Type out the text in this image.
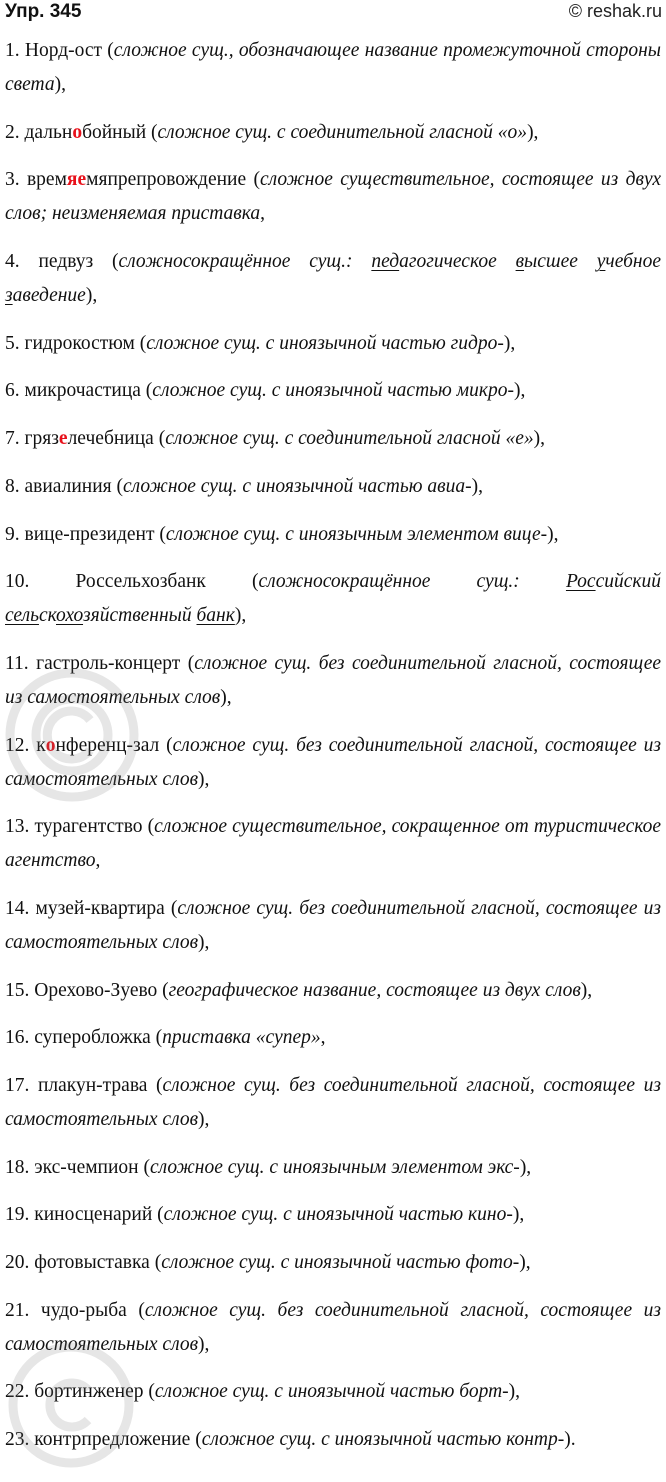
Упр. 345	© reshak.ru

1. Норд-ост (сложное сущ., обозначающее название промежуточной стороны света),

2. дальнобойный (сложное сущ. с соединительной гласной «о»),

3. времяемяпрепровождение (сложное существительное, состоящее из двух слов; неизменяемая приставка,

4. педвуз (сложносокращённое сущ.: педагогическое высшее учебное заведение),

5. гидрокостюм (сложное сущ. с иноязычной частью гидро-),

6. микрочастица (сложное сущ. с иноязычной частью микро-),

7. грязелечебница (сложное сущ. с соединительной гласной «е»),

8. авиалиния (сложное сущ. с иноязычной частью авиа-),

9. вице-президент (сложное сущ. с иноязычным элементом вице-),

10. Россельхозбанк (сложносокращённое сущ.: Российский сельскохозяйственный банк),

11. гастроль-концерт (сложное сущ. без соединительной гласной, состоящее из самостоятельных слов),

12. конференц-зал (сложное сущ. без соединительной гласной, состоящее из самостоятельных слов),

13. турагентство (сложное существительное, сокращенное от туристическое агентство,

14. музей-квартира (сложное сущ. без соединительной гласной, состоящее из самостоятельных слов),

15. Орехово-Зуево (географическое название, состоящее из двух слов),

16. суперобложка (приставка «супер»,

17. плакун-трава (сложное сущ. без соединительной гласной, состоящее из самостоятельных слов),

18. экс-чемпион (сложное сущ. с иноязычным элементом экс-),

19. киносценарий (сложное сущ. с иноязычной частью кино-),

20. фотовыставка (сложное сущ. с иноязычной частью фото-),

21. чудо-рыба (сложное сущ. без соединительной гласной, состоящее из самостоятельных слов),

22. бортинженер (сложное сущ. с иноязычной частью борт-),

23. контрпредложение (сложное сущ. с иноязычной частью контр-).
